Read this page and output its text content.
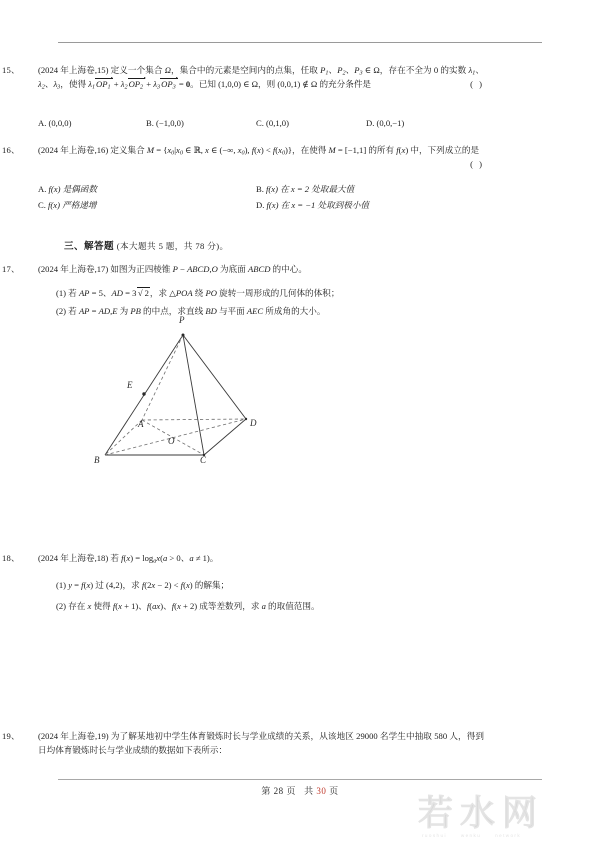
15、	(2024 年上海卷,15) 定义一个集合 Ω，集合中的元素是空间内的点集，任取 $P_1$、$P_2$、$P_3$ ∈ Ω，存在不全为 0 的实数 $\lambda_1$、$\lambda_2$、$\lambda_3$，使得 $\lambda_1OP_1 + \lambda_2OP_2 + \lambda_3OP_3 = 0$。已知 (1,0,0) ∈ Ω，则 (0,0,1) ∉ Ω 的充分条件是	( )
A. (0,0,0)	B. (−1,0,0)	C. (0,1,0)	D. (0,0,−1)
16、	(2024 年上海卷,16) 定义集合 $M = \{x_0|x_0$ ∈ ℝ, x ∈ (−∞, $x_0$), $f(x) < f(x_0)$}，在使得 M = [−1,1] 的所有 f(x) 中，下列成立的是
( )
A. f(x) 是偶函数	B. f(x) 在 x = 2 处取最大值
C. f(x) 严格递增	D. f(x) 在 x = −1 处取到极小值
三、解答题 (本大题共 5 题，共 78 分)。
17、	(2024 年上海卷,17) 如图为正四棱锥 P − ABCD,O 为底面 ABCD 的中心。
(1) 若 AP = 5、AD = 3 √ 2，求 △POA 绕 PO 旋转一周形成的几何体的体积；
(2) 若 AP = AD,E 为 PB 的中点，求直线 BD 与平面 AEC 所成角的大小。
P
E
A	D
O
B	C
18、	(2024 年上海卷,18) 若 $f(x) = \log_ax(a > 0$、a ≠ 1)。
(1) y = f(x) 过 (4,2)，求 f(2x − 2) < f(x) 的解集；
(2) 存在 x 使得 f(x + 1)、f(ax)、f(x + 2) 成等差数列，求 a 的取值范围。
19、	(2024 年上海卷,19) 为了解某地初中学生体育锻炼时长与学业成绩的关系，从该地区 29000 名学生中抽取 580 人，得到日均体育锻炼时长与学业成绩的数据如下表所示：
第 28 页 共 30 页
若水网
ruoshui	wenku	network
